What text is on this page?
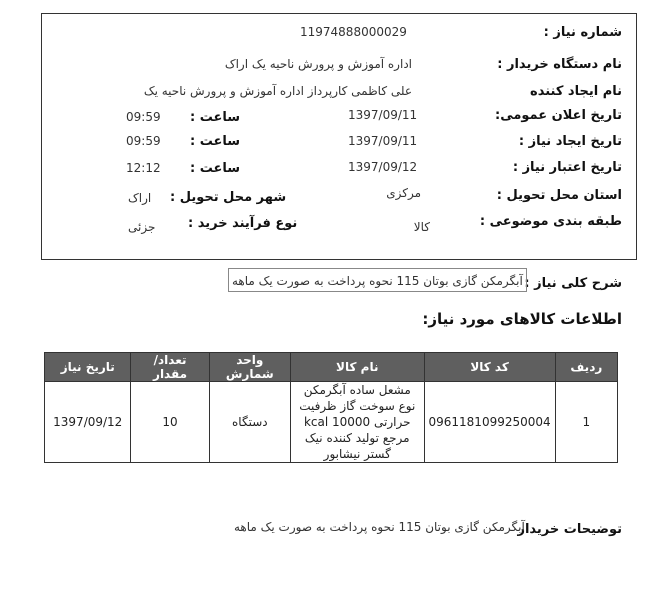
شماره نیاز :
11974888000029
نام دستگاه خریدار :
اداره آموزش و پرورش ناحیه یک اراک
نام ایجاد کننده
علی کاظمی کارپرداز اداره آموزش و پرورش ناحیه یک
تاریخ اعلان عمومی:
1397/09/11
ساعت :
09:59
تاریخ ایجاد نیاز :
1397/09/11
ساعت :
09:59
تاریخ اعتبار نیاز :
1397/09/12
ساعت :
12:12
استان محل تحویل :
مرکزی
شهر محل تحویل :
اراک
طبقه بندی موضوعی :
کالا
نوع فرآیند خرید :
جزئی
شرح کلی نیاز :
آبگرمکن گازی بوتان 115 نحوه پرداخت به صورت یک ماهه
اطلاعات کالاهای مورد نیاز:
ردیف	کد کالا	نام کالا	واحد شمارش	تعداد/ مقدار	تاریخ نیاز
1	0961181099250004	مشعل ساده آبگرمکن نوع سوخت گاز ظرفیت حرارتی kcal 10000 مرجع تولید کننده نیک گستر نیشابور	دستگاه	10	1397/09/12
توضیحات خریدار
آبگرمکن گازی بوتان 115 نحوه پرداخت به صورت یک ماهه
